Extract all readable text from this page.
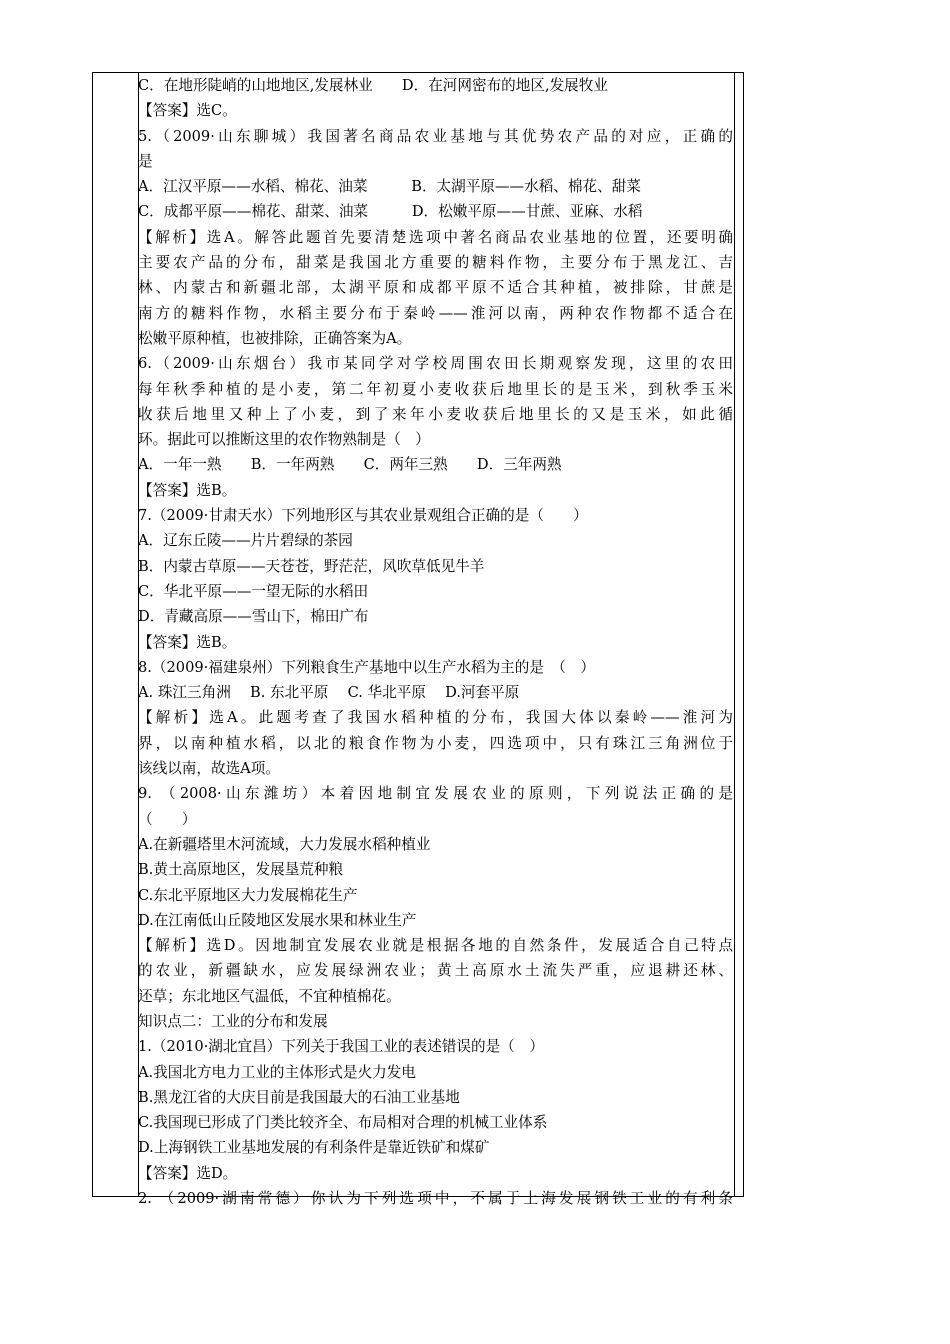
C．在地形陡峭的山地地区,发展林业　　D．在河网密布的地区,发展牧业
【答案】选C。
5.（2009·山东聊城）我国著名商品农业基地与其优势农产品的对应，正确的
是
A．江汉平原——水稻、棉花、油菜　　　B．太湖平原——水稻、棉花、甜菜
C．成都平原——棉花、甜菜、油菜　　　D．松嫩平原——甘蔗、亚麻、水稻
【解析】选A。解答此题首先要清楚选项中著名商品农业基地的位置，还要明确
主要农产品的分布，甜菜是我国北方重要的糖料作物，主要分布于黑龙江、吉
林、内蒙古和新疆北部，太湖平原和成都平原不适合其种植，被排除，甘蔗是
南方的糖料作物，水稻主要分布于秦岭——淮河以南，两种农作物都不适合在
松嫩平原种植，也被排除，正确答案为A。
6.（2009·山东烟台）我市某同学对学校周围农田长期观察发现，这里的农田
每年秋季种植的是小麦，第二年初夏小麦收获后地里长的是玉米，到秋季玉米
收获后地里又种上了小麦，到了来年小麦收获后地里长的又是玉米，如此循
环。据此可以推断这里的农作物熟制是（　）
A．一年一熟　　B．一年两熟　　C．两年三熟　　D．三年两熟
【答案】选B。
7.（2009·甘肃天水）下列地形区与其农业景观组合正确的是（　　）
A．辽东丘陵——片片碧绿的茶园
B．内蒙古草原——天苍苍，野茫茫，风吹草低见牛羊
C．华北平原——一望无际的水稻田
D．青藏高原——雪山下，棉田广布
【答案】选B。
8.（2009·福建泉州）下列粮食生产基地中以生产水稻为主的是　（　）
A. 珠江三角洲　 B. 东北平原　 C. 华北平原　 D.河套平原
【解析】选A。此题考查了我国水稻种植的分布，我国大体以秦岭——淮河为
界，以南种植水稻，以北的粮食作物为小麦，四选项中，只有珠江三角洲位于
该线以南，故选A项。
9. （2008·山东潍坊）本着因地制宜发展农业的原则，下列说法正确的是
（　　）
A.在新疆塔里木河流域，大力发展水稻种植业
B.黄土高原地区，发展垦荒种粮
C.东北平原地区大力发展棉花生产
D.在江南低山丘陵地区发展水果和林业生产
【解析】选D。因地制宜发展农业就是根据各地的自然条件，发展适合自己特点
的农业，新疆缺水，应发展绿洲农业；黄土高原水土流失严重，应退耕还林、
还草；东北地区气温低，不宜种植棉花。
知识点二：工业的分布和发展
1.（2010·湖北宜昌）下列关于我国工业的表述错误的是（　）
A.我国北方电力工业的主体形式是火力发电
B.黑龙江省的大庆目前是我国最大的石油工业基地
C.我国现已形成了门类比较齐全、布局相对合理的机械工业体系
D.上海钢铁工业基地发展的有利条件是靠近铁矿和煤矿
【答案】选D。
2. （2009·湖南常德）你认为下列选项中，不属于上海发展钢铁工业的有利条
